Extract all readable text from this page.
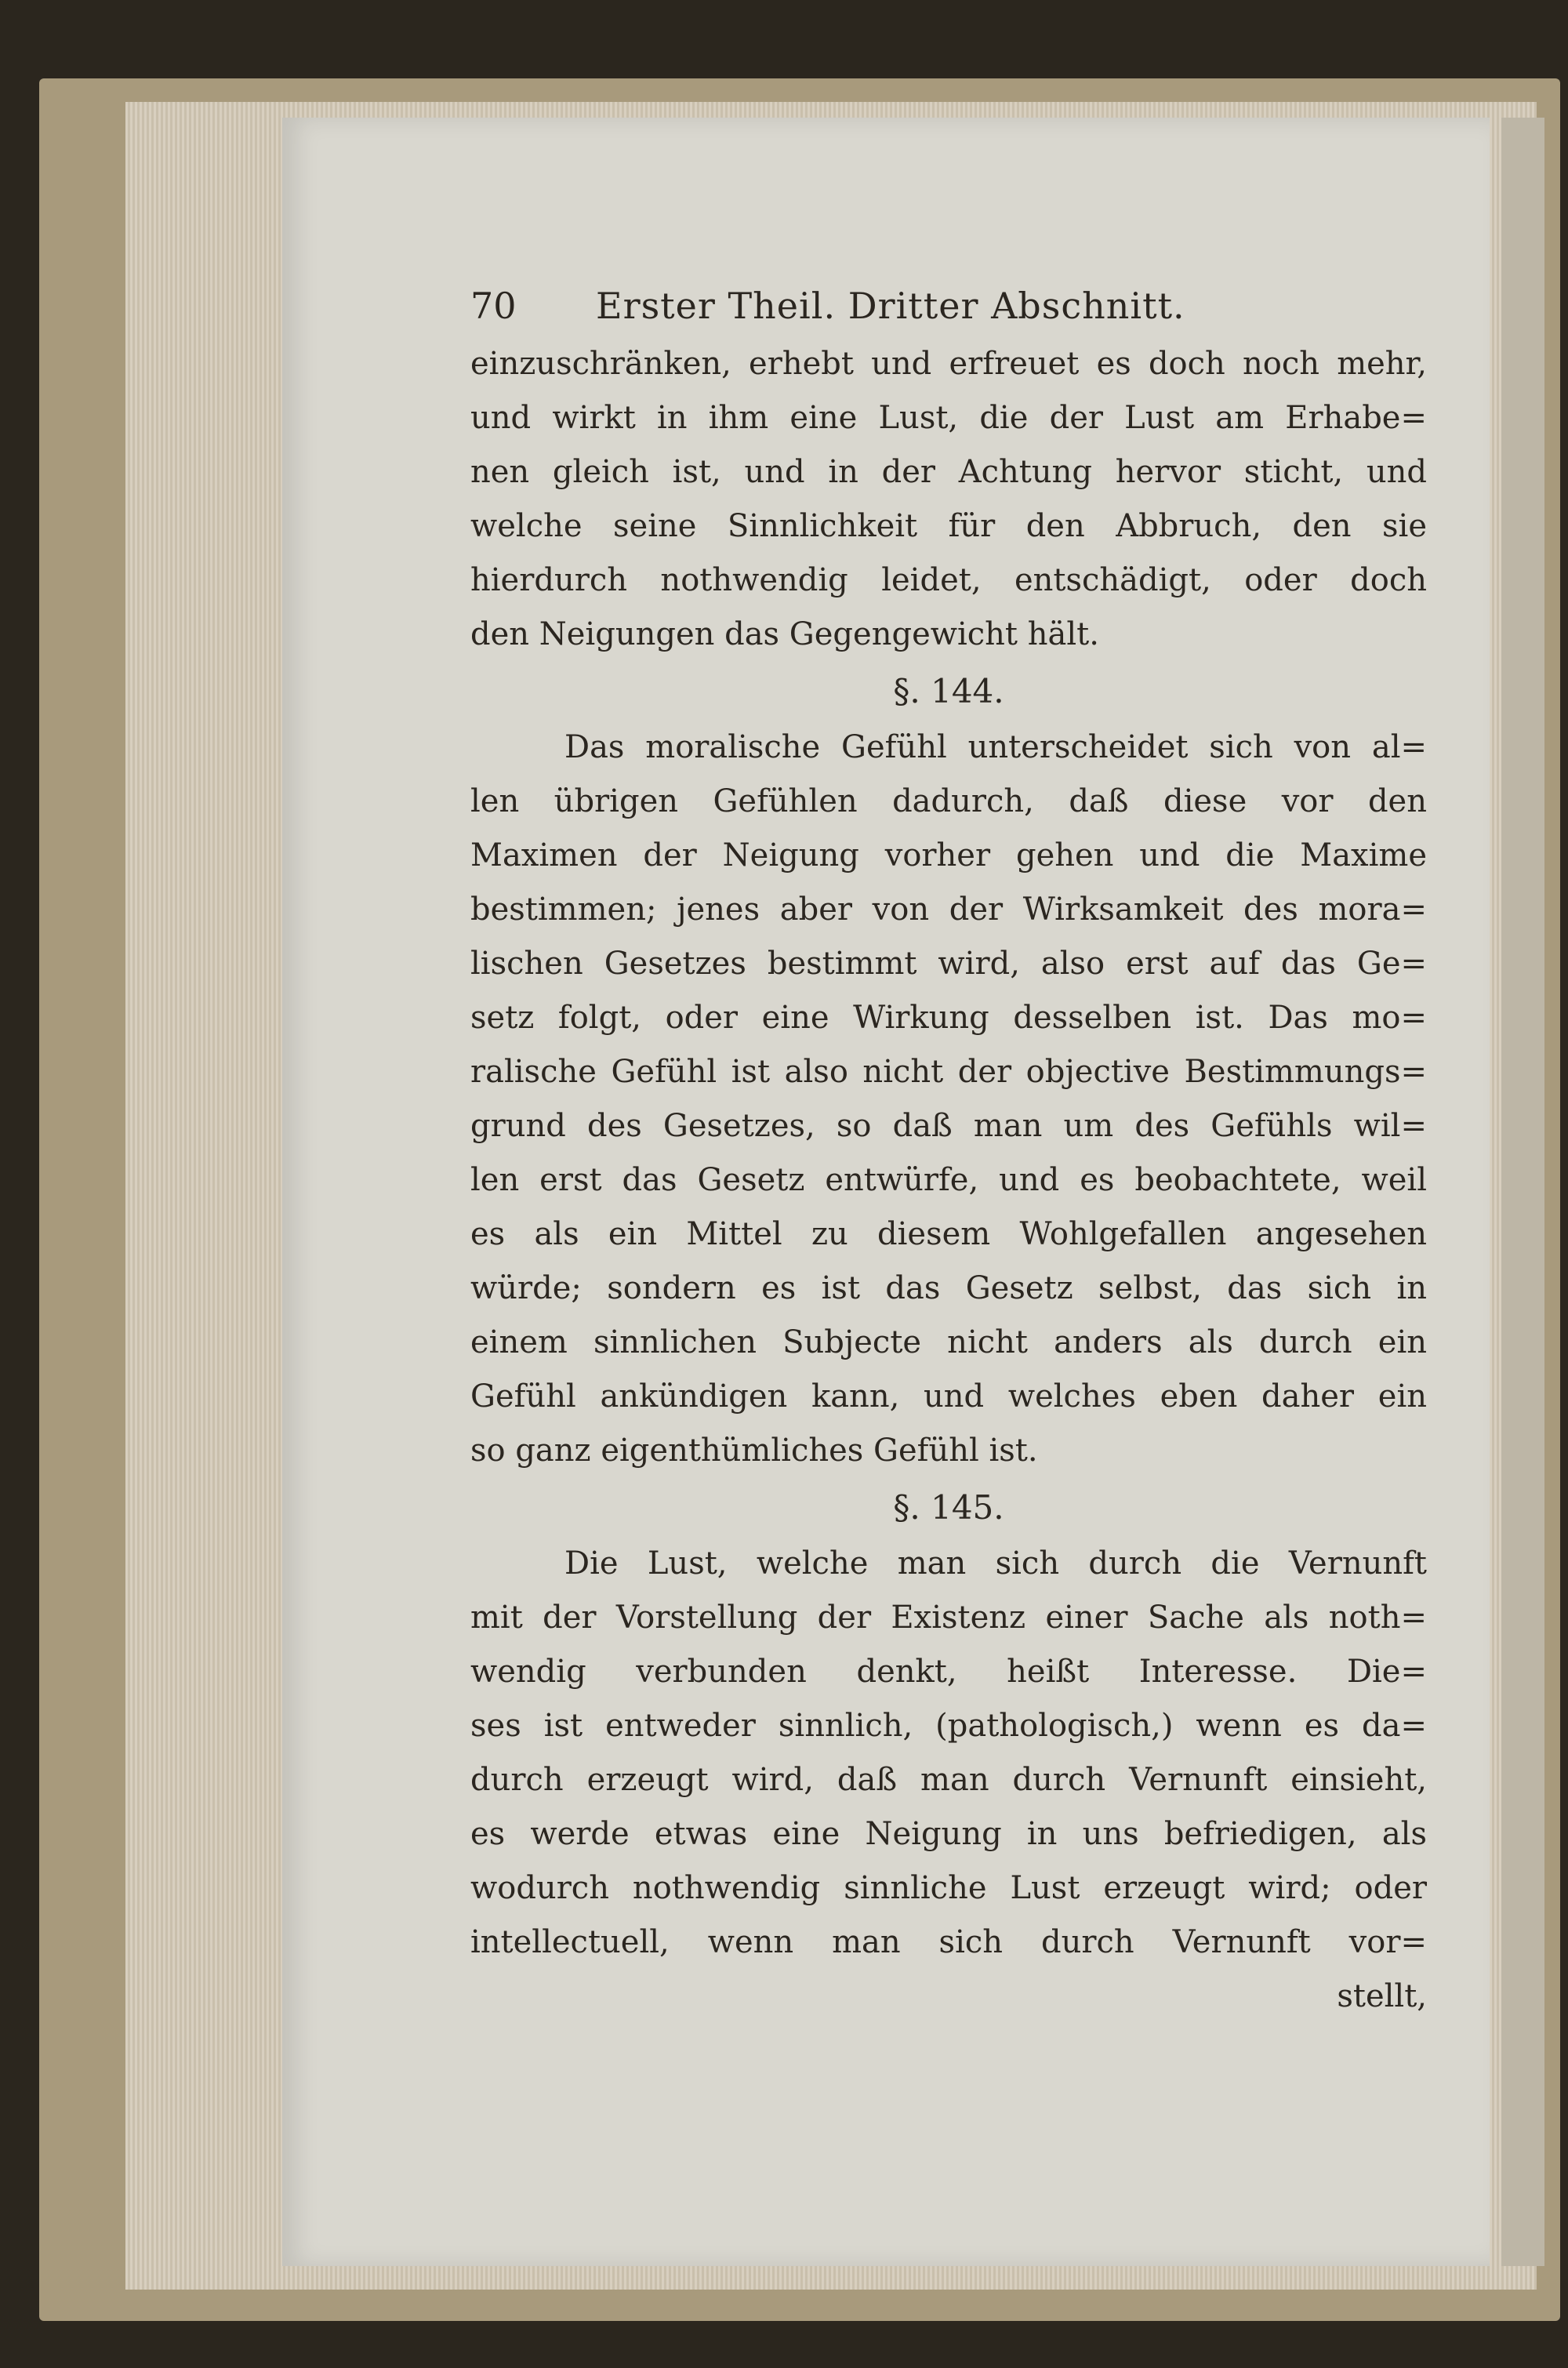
70 Erster Theil. Dritter Abschnitt.
einzuschränken, erhebt und erfreuet es doch noch mehr,
und wirkt in ihm eine Lust, die der Lust am Erhabe=
nen gleich ist, und in der Achtung hervor sticht, und
welche seine Sinnlichkeit für den Abbruch, den sie
hierdurch nothwendig leidet, entschädigt, oder doch
den Neigungen das Gegengewicht hält.
§. 144.
Das moralische Gefühl unterscheidet sich von al=
len übrigen Gefühlen dadurch, daß diese vor den
Maximen der Neigung vorher gehen und die Maxime
bestimmen; jenes aber von der Wirksamkeit des mora=
lischen Gesetzes bestimmt wird, also erst auf das Ge=
setz folgt, oder eine Wirkung desselben ist. Das mo=
ralische Gefühl ist also nicht der objective Bestimmungs=
grund des Gesetzes, so daß man um des Gefühls wil=
len erst das Gesetz entwürfe, und es beobachtete, weil
es als ein Mittel zu diesem Wohlgefallen angesehen
würde; sondern es ist das Gesetz selbst, das sich in
einem sinnlichen Subjecte nicht anders als durch ein
Gefühl ankündigen kann, und welches eben daher ein
so ganz eigenthümliches Gefühl ist.
§. 145.
Die Lust, welche man sich durch die Vernunft
mit der Vorstellung der Existenz einer Sache als noth=
wendig verbunden denkt, heißt Interesse. Die=
ses ist entweder sinnlich, (pathologisch,) wenn es da=
durch erzeugt wird, daß man durch Vernunft einsieht,
es werde etwas eine Neigung in uns befriedigen, als
wodurch nothwendig sinnliche Lust erzeugt wird; oder
intellectuell, wenn man sich durch Vernunft vor=
stellt,
